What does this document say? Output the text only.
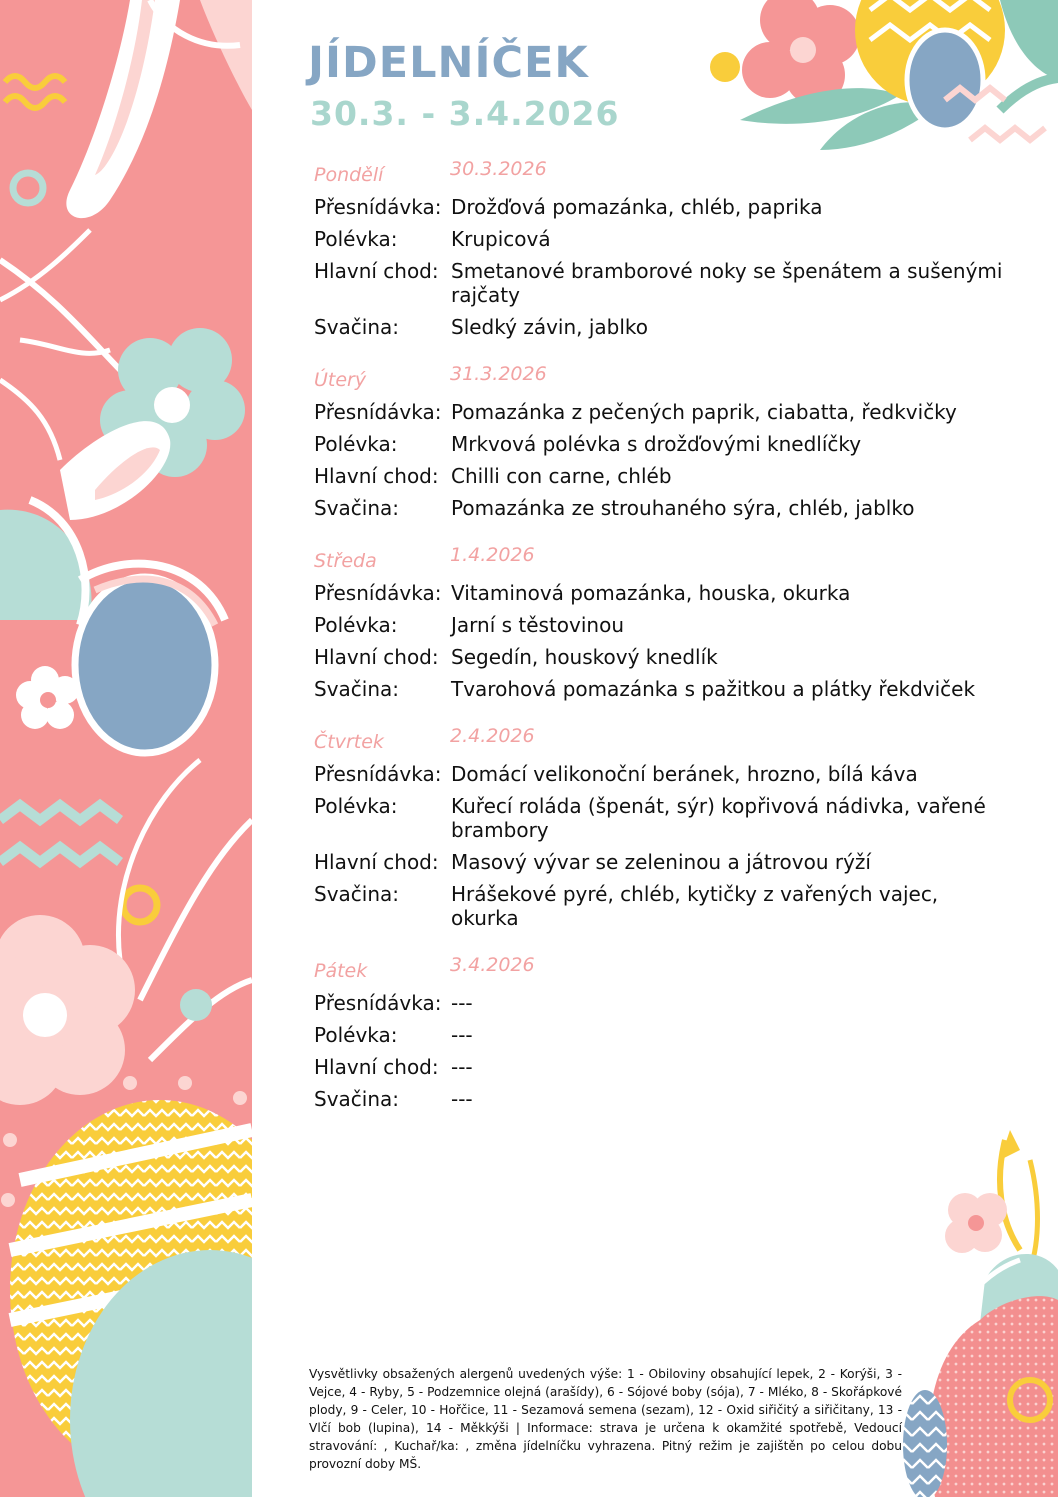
JÍDELNÍČEK
30.3. - 3.4.2026
Pondělí	30.3.2026
Přesnídávka: Drožďová pomazánka, chléb, paprika
Polévka:	Krupicová
Hlavní chod: Smetanové bramborové noky se špenátem a sušenými rajčaty
Svačina:	Sledký závin, jablko
Úterý	31.3.2026
Přesnídávka: Pomazánka z pečených paprik, ciabatta, ředkvičky
Polévka:	Mrkvová polévka s drožďovými knedlíčky
Hlavní chod: Chilli con carne, chléb
Svačina:	Pomazánka ze strouhaného sýra, chléb, jablko
Středa	1.4.2026
Přesnídávka: Vitaminová pomazánka, houska, okurka
Polévka:	Jarní s těstovinou
Hlavní chod: Segedín, houskový knedlík
Svačina:	Tvarohová pomazánka s pažitkou a plátky řekdviček
Čtvrtek	2.4.2026
Přesnídávka: Domácí velikonoční beránek, hrozno, bílá káva
Polévka:	Kuřecí roláda (špenát, sýr) kopřivová nádivka, vařené brambory
Hlavní chod: Masový vývar se zeleninou a játrovou rýží
Svačina:	Hrášekové pyré, chléb, kytičky z vařených vajec, okurka
Pátek	3.4.2026
Přesnídávka: ---
Polévka:	---
Hlavní chod: ---
Svačina:	---
Vysvětlivky obsažených alergenů uvedených výše: 1 - Obiloviny obsahující lepek, 2 - Korýši, 3 - Vejce, 4 - Ryby, 5 - Podzemnice olejná (arašídy), 6 - Sójové boby (sója), 7 - Mléko, 8 - Skořápkové plody, 9 - Celer, 10 - Hořčice, 11 - Sezamová semena (sezam), 12 - Oxid siřičitý a siřičitany, 13 - Vlčí bob (lupina), 14 - Měkkýši | Informace: strava je určena k okamžité spotřebě, Vedoucí stravování: , Kuchař/ka: , změna jídelníčku vyhrazena. Pitný režim je zajištěn po celou dobu provozní doby MŠ.
